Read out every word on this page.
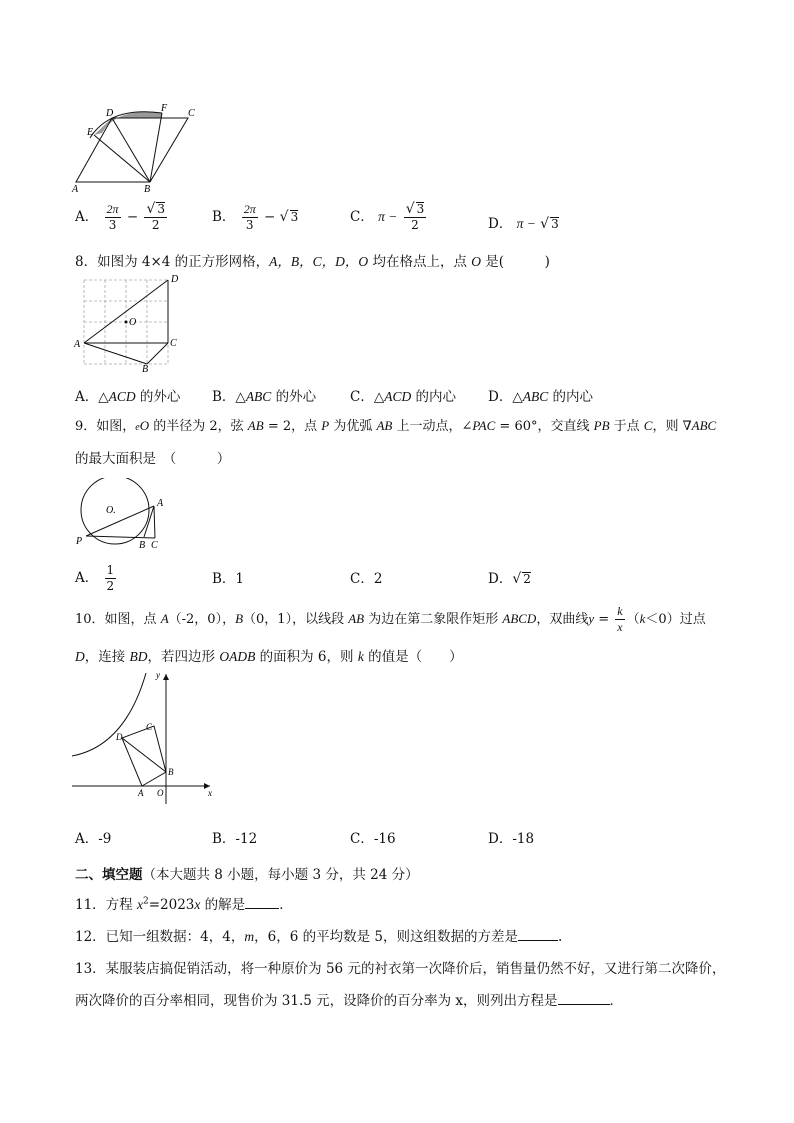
D	F C
E
A	B
A． $\frac{2\pi}{3} - \frac{√ 3}{2}$	B． $\frac{2\pi}{3}$ − √ 3	C． $\pi - \frac{√ 3}{2}$	D． π − √ 3
8．如图为 4×4 的正方形网格，A，B，C，D，O 均在格点上，点 O 是(　　　)
D
O
A	C
B
A．△ACD 的外心 B．△ABC 的外心	C．△ACD 的内心 D．△ABC 的内心
9．如图，eO 的半径为 2，弦 AB = 2，点 P 为优弧 AB 上一动点，∠PAC = 60°，交直线 PB 于点 C，则 ∇ABC
的最大面积是　（　　　）
O.
A
P	B C
A． $\frac{1}{2}$	B．1	C．2	D．√ 2
10．如图，点 A（-2，0），B（0，1），以线段 AB 为边在第二象限作矩形 ABCD，双曲线$y = \frac{k}{x} (k<0)$过点
D，连接 BD，若四边形 OADB 的面积为 6，则 k 的值是（　　）
y
x
C
D
B
A O
A．-9	B．-12	C．-16	D．-18
二、填空题（本大题共 8 小题，每小题 3 分，共 24 分）
11．方程 $x^2=2023x$ 的解是	．
12．已知一组数据：4，4，m，6，6 的平均数是 5，则这组数据的方差是	.
13．某服装店搞促销活动，将一种原价为 56 元的衬衣第一次降价后，销售量仍然不好，又进行第二次降价，
两次降价的百分率相同，现售价为 31.5 元，设降价的百分率为 x，则列出方程是	．
